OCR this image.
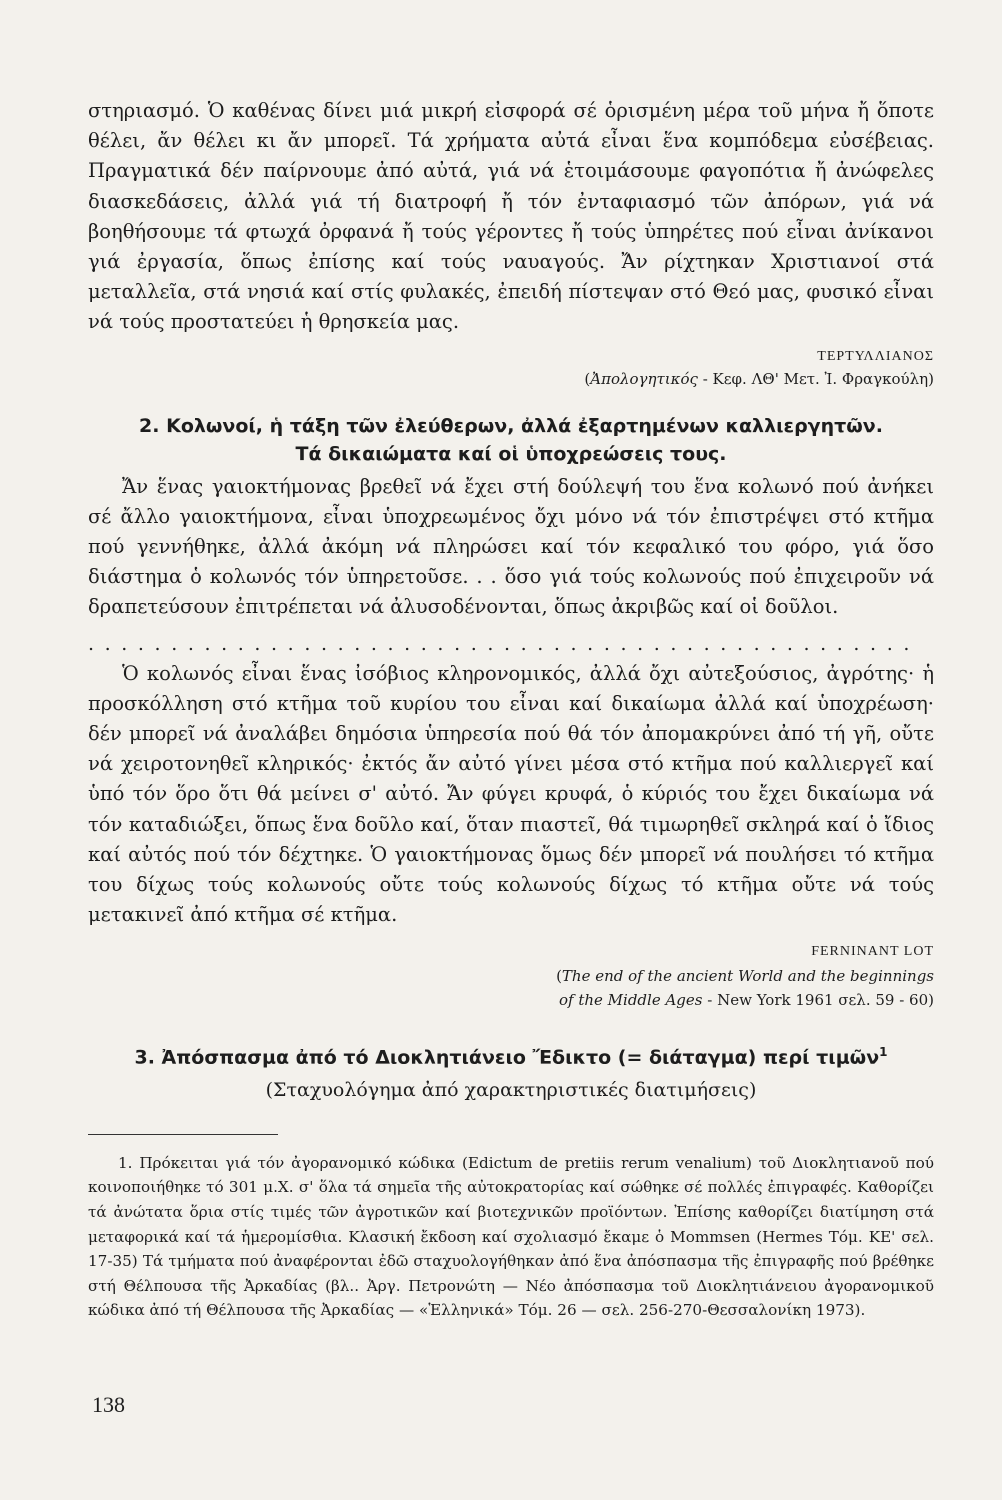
στηριασμό. Ὁ καθένας δίνει μιά μικρή εἰσφορά σέ ὁρισμένη μέρα τοῦ μήνα ἤ ὅποτε θέλει, ἄν θέλει κι ἄν μπορεῖ. Τά χρήματα αὐτά εἶναι ἕνα κομπόδεμα εὐσέβειας. Πραγματικά δέν παίρνουμε ἀπό αὐτά, γιά νά ἑτοιμάσουμε φαγοπότια ἤ ἀνώφελες διασκεδάσεις, ἀλλά γιά τή διατροφή ἤ τόν ἐνταφιασμό τῶν ἀπόρων, γιά νά βοηθήσουμε τά φτωχά ὀρφανά ἤ τούς γέροντες ἤ τούς ὑπηρέτες πού εἶναι ἀνίκανοι γιά ἐργασία, ὅπως ἐπίσης καί τούς ναυαγούς. Ἄν ρίχτηκαν Χριστιανοί στά μεταλλεῖα, στά νησιά καί στίς φυλακές, ἐπειδή πίστεψαν στό Θεό μας, φυσικό εἶναι νά τούς προστατεύει ἡ θρησκεία μας.

ΤΕΡΤΥΛΛΙΑΝΟΣ
(Ἀπολογητικός - Κεφ. ΛΘ' Μετ. Ἰ. Φραγκούλη)

2. Κολωνοί, ἡ τάξη τῶν ἐλεύθερων, ἀλλά ἐξαρτημένων καλλιεργητῶν.

Τά δικαιώματα καί οἱ ὑποχρεώσεις τους.

Ἄν ἕνας γαιοκτήμονας βρεθεῖ νά ἔχει στή δούλεψή του ἕνα κολωνό πού ἀνήκει σέ ἄλλο γαιοκτήμονα, εἶναι ὑποχρεωμένος ὄχι μόνο νά τόν ἐπιστρέψει στό κτῆμα πού γεννήθηκε, ἀλλά ἀκόμη νά πληρώσει καί τόν κεφαλικό του φόρο, γιά ὅσο διάστημα ὁ κολωνός τόν ὑπηρετοῦσε. . . ὅσο γιά τούς κολωνούς πού ἐπιχειροῦν νά δραπετεύσουν ἐπιτρέπεται νά ἀλυσοδένονται, ὅπως ἀκριβῶς καί οἱ δοῦλοι.

..................................................

Ὁ κολωνός εἶναι ἕνας ἰσόβιος κληρονομικός, ἀλλά ὄχι αὐτεξούσιος, ἀγρότης· ἡ προσκόλληση στό κτῆμα τοῦ κυρίου του εἶναι καί δικαίωμα ἀλλά καί ὑποχρέωση· δέν μπορεῖ νά ἀναλάβει δημόσια ὑπηρεσία πού θά τόν ἀπομακρύνει ἀπό τή γῆ, οὔτε νά χειροτονηθεῖ κληρικός· ἐκτός ἄν αὐτό γίνει μέσα στό κτῆμα πού καλλιεργεῖ καί ὑπό τόν ὅρο ὅτι θά μείνει σ' αὐτό. Ἄν φύγει κρυφά, ὁ κύριός του ἔχει δικαίωμα νά τόν καταδιώξει, ὅπως ἕνα δοῦλο καί, ὅταν πιαστεῖ, θά τιμωρηθεῖ σκληρά καί ὁ ἴδιος καί αὐτός πού τόν δέχτηκε. Ὁ γαιοκτήμονας ὅμως δέν μπορεῖ νά πουλήσει τό κτῆμα του δίχως τούς κολωνούς οὔτε τούς κολωνούς δίχως τό κτῆμα οὔτε νά τούς μετακινεῖ ἀπό κτῆμα σέ κτῆμα.

FERNINANT LOT
(The end of the ancient World and the beginnings
of the Middle Ages - New York 1961 σελ. 59 - 60)

3. Ἀπόσπασμα ἀπό τό Διοκλητιάνειο Ἔδικτο (= διάταγμα) περί τιμῶν$^1$

(Σταχυολόγημα ἀπό χαρακτηριστικές διατιμήσεις)

1. Πρόκειται γιά τόν ἀγορανομικό κώδικα (Edictum de pretiis rerum venalium) τοῦ Διοκλητιανοῦ πού κοινοποιήθηκε τό 301 μ.Χ. σ' ὅλα τά σημεῖα τῆς αὐτοκρατορίας καί σώθηκε σέ πολλές ἐπιγραφές. Καθορίζει τά ἀνώτατα ὅρια στίς τιμές τῶν ἀγροτικῶν καί βιοτεχνικῶν προϊόντων. Ἐπίσης καθορίζει διατίμηση στά μεταφορικά καί τά ἡμερομίσθια. Κλασική ἔκδοση καί σχολιασμό ἔκαμε ὁ Mommsen (Hermes Τόμ. ΚΕ' σελ. 17-35) Τά τμήματα πού ἀναφέρονται ἐδῶ σταχυολογήθηκαν ἀπό ἕνα ἀπόσπασμα τῆς ἐπιγραφῆς πού βρέθηκε στή Θέλπουσα τῆς Ἀρκαδίας (βλ.. Ἀργ. Πετρονώτη — Νέο ἀπόσπασμα τοῦ Διοκλητιάνειου ἀγορανομικοῦ κώδικα ἀπό τή Θέλπουσα τῆς Ἀρκαδίας — «Ἑλληνικά» Τόμ. 26 — σελ. 256-270-Θεσσαλονίκη 1973).

138
